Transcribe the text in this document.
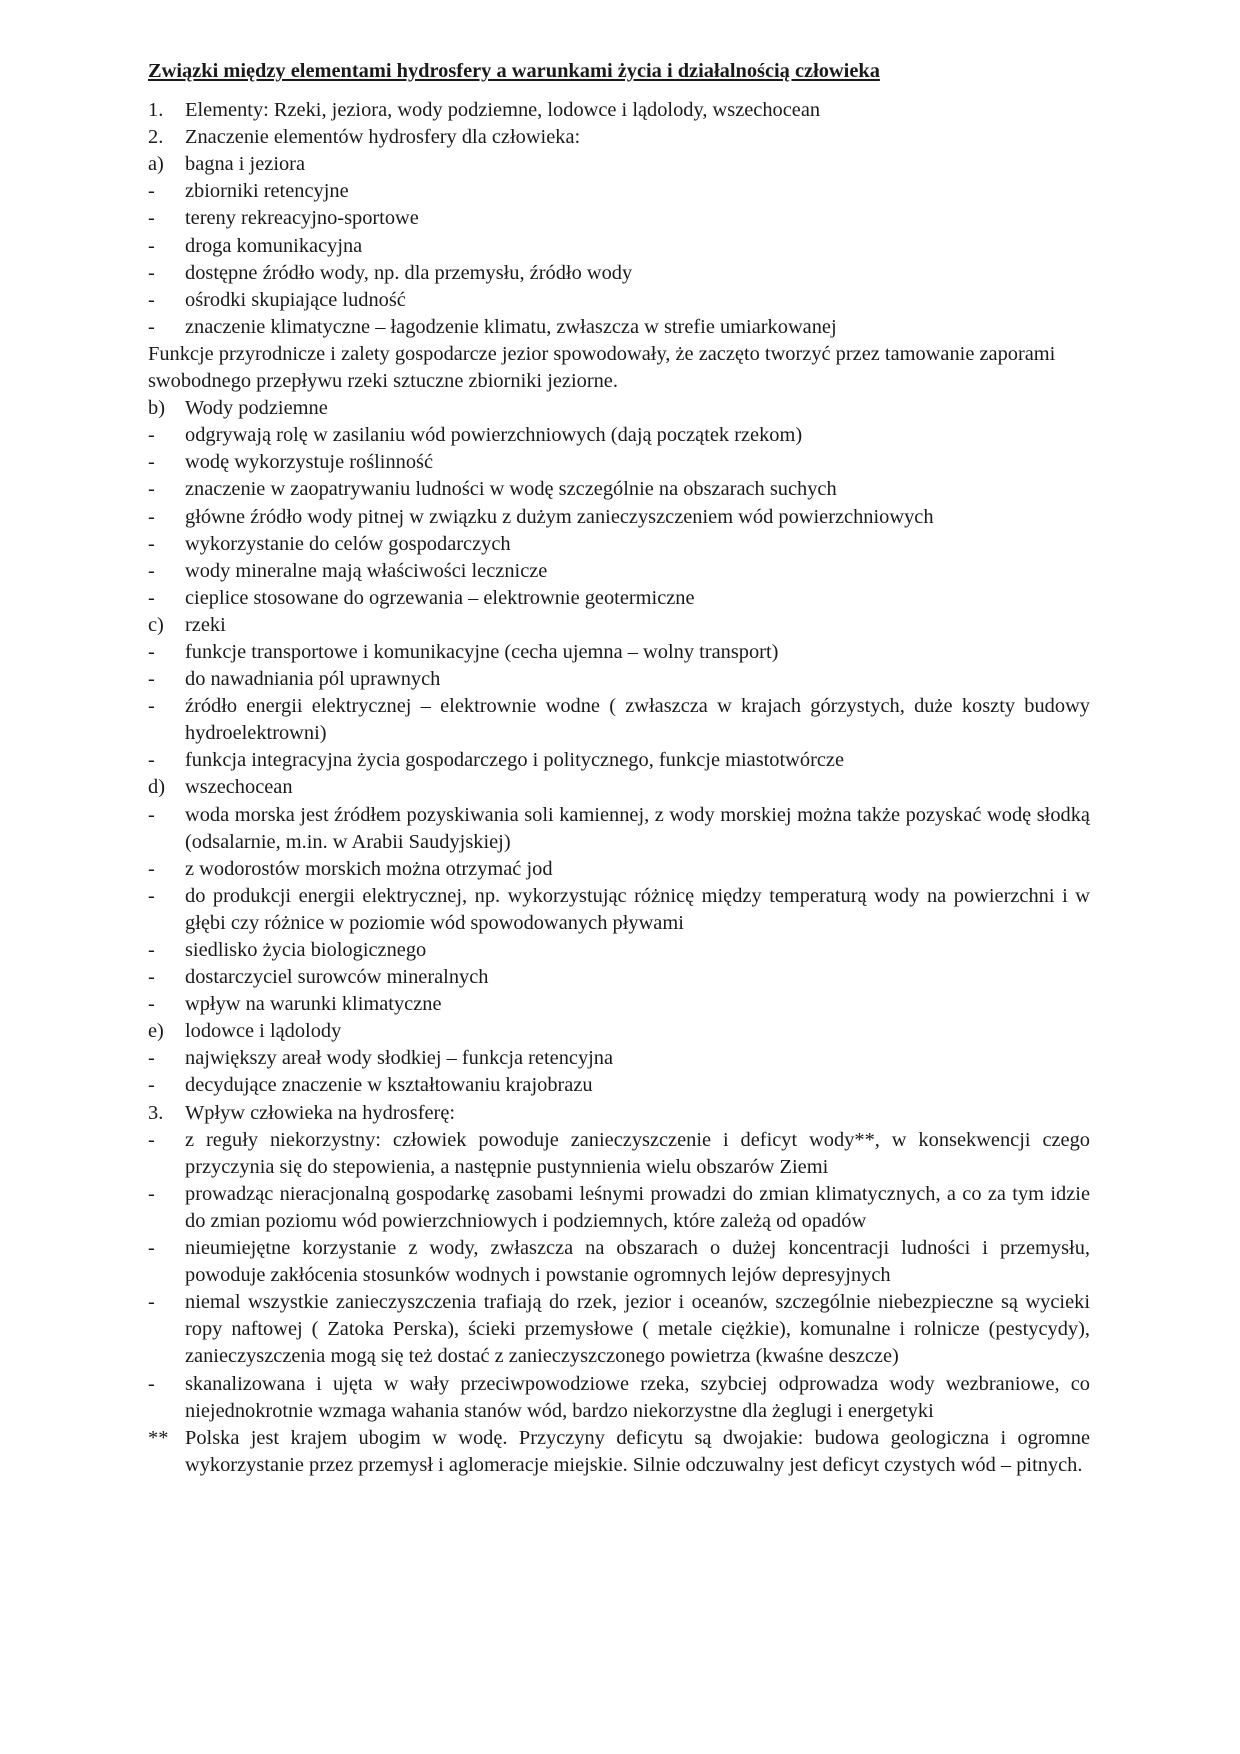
Związki między elementami hydrosfery a warunkami życia i działalnością człowieka
1.	Elementy: Rzeki, jeziora, wody podziemne, lodowce i lądolody, wszechocean
2.	Znaczenie elementów hydrosfery dla człowieka:
a)	bagna i jeziora
-	zbiorniki retencyjne
-	tereny rekreacyjno-sportowe
-	droga komunikacyjna
-	dostępne źródło wody, np. dla przemysłu, źródło wody
-	ośrodki skupiające ludność
-	znaczenie klimatyczne – łagodzenie klimatu, zwłaszcza w strefie umiarkowanej
Funkcje przyrodnicze i zalety gospodarcze jezior spowodowały, że zaczęto tworzyć przez tamowanie zaporami swobodnego przepływu rzeki sztuczne zbiorniki jeziorne.
b) Wody podziemne
-	odgrywają rolę w zasilaniu wód powierzchniowych (dają początek rzekom)
-	wodę wykorzystuje roślinność
-	znaczenie w zaopatrywaniu ludności w wodę szczególnie na obszarach suchych
-	główne źródło wody pitnej w związku z dużym zanieczyszczeniem wód powierzchniowych
-	wykorzystanie do celów gospodarczych
-	wody mineralne mają właściwości lecznicze
-	cieplice stosowane do ogrzewania – elektrownie geotermiczne
c)	rzeki
-	funkcje transportowe i komunikacyjne (cecha ujemna – wolny transport)
-	do nawadniania pól uprawnych
-	źródło energii elektrycznej – elektrownie wodne ( zwłaszcza w krajach górzystych, duże koszty budowy hydroelektrowni)
-	funkcja integracyjna życia gospodarczego i politycznego, funkcje miastotwórcze
d) wszechocean
-	woda morska jest źródłem pozyskiwania soli kamiennej, z wody morskiej można także pozyskać wodę słodką (odsalarnie, m.in. w Arabii Saudyjskiej)
-	z wodorostów morskich można otrzymać jod
-	do produkcji energii elektrycznej, np. wykorzystując różnicę między temperaturą wody na powierzchni i w głębi czy różnice w poziomie wód spowodowanych pływami
-	siedlisko życia biologicznego
-	dostarczyciel surowców mineralnych
-	wpływ na warunki klimatyczne
e)	lodowce i lądolody
-	największy areał wody słodkiej – funkcja retencyjna
-	decydujące znaczenie w kształtowaniu krajobrazu
3.	Wpływ człowieka na hydrosferę:
-	z reguły niekorzystny: człowiek powoduje zanieczyszczenie i deficyt wody**, w konsekwencji czego przyczynia się do stepowienia, a następnie pustynnienia wielu obszarów Ziemi
-	prowadząc nieracjonalną gospodarkę zasobami leśnymi prowadzi do zmian klimatycznych, a co za tym idzie do zmian poziomu wód powierzchniowych i podziemnych, które zależą od opadów
-	nieumiejętne korzystanie z wody, zwłaszcza na obszarach o dużej koncentracji ludności i przemysłu, powoduje zakłócenia stosunków wodnych i powstanie ogromnych lejów depresyjnych
-	niemal wszystkie zanieczyszczenia trafiają do rzek, jezior i oceanów, szczególnie niebezpieczne są wycieki ropy naftowej ( Zatoka Perska), ścieki przemysłowe ( metale ciężkie), komunalne i rolnicze (pestycydy), zanieczyszczenia mogą się też dostać z zanieczyszczonego powietrza (kwaśne deszcze)
-	skanalizowana i ujęta w wały przeciwpowodziowe rzeka, szybciej odprowadza wody wezbraniowe, co niejednokrotnie wzmaga wahania stanów wód, bardzo niekorzystne dla żeglugi i energetyki
** Polska jest krajem ubogim w wodę. Przyczyny deficytu są dwojakie: budowa geologiczna i ogromne wykorzystanie przez przemysł i aglomeracje miejskie. Silnie odczuwalny jest deficyt czystych wód – pitnych.
